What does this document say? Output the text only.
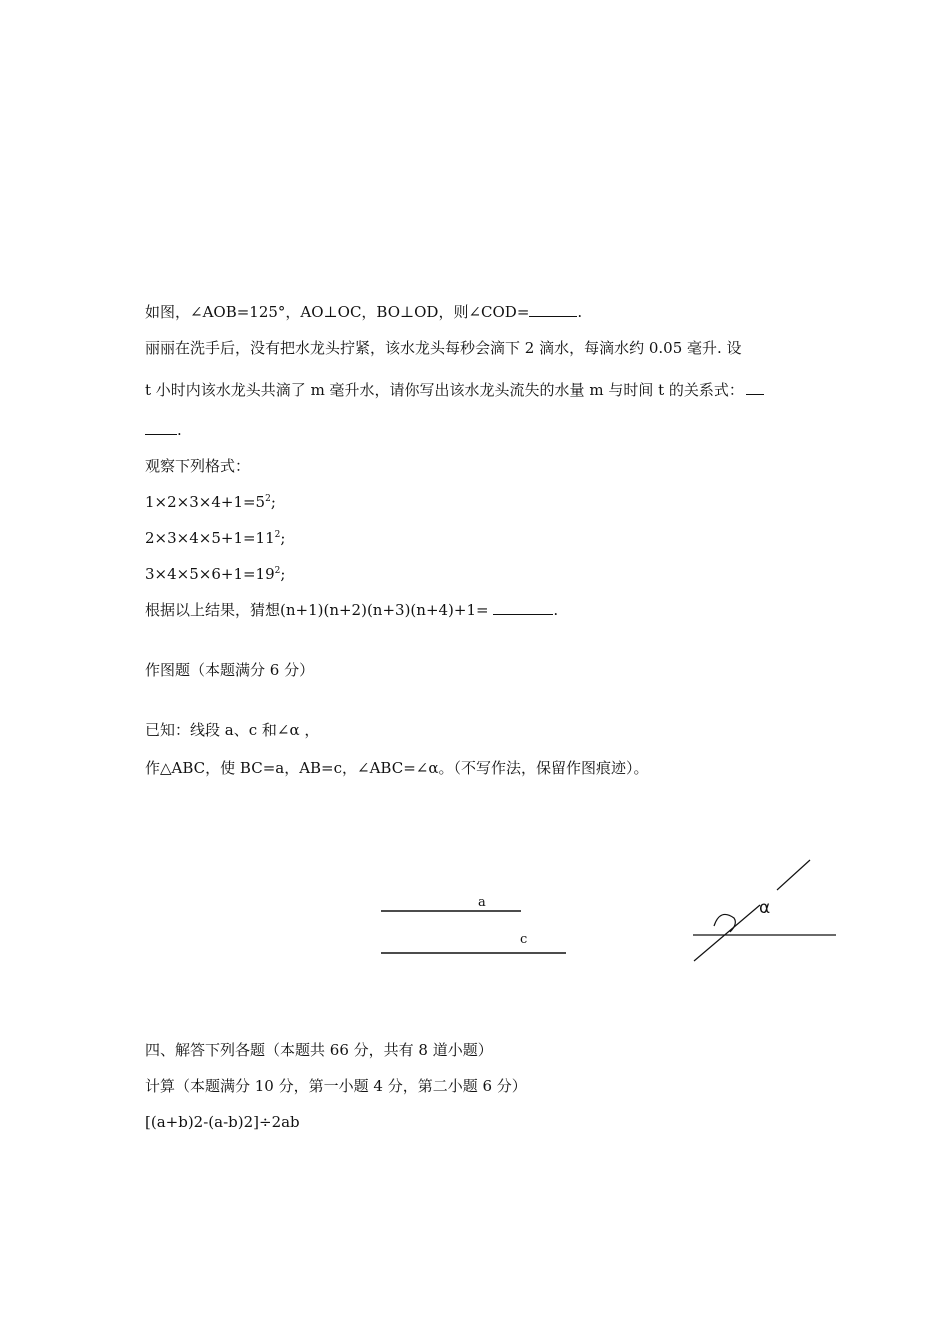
如图，∠AOB=125°，AO⊥OC，BO⊥OD，则∠COD=	.
丽丽在洗手后，没有把水龙头拧紧，该水龙头每秒会滴下 2 滴水，每滴水约 0.05 毫升. 设
t 小时内该水龙头共滴了 m 毫升水，请你写出该水龙头流失的水量 m 与时间 t 的关系式：
.
观察下列格式：
$1\times 2\times 3\times 4+1=5^2$;
$2\times 3\times 4\times 5+1=11^2$;
$3\times 4\times 5\times 6+1=19^2$;
根据以上结果，猜想(n+1)(n+2)(n+3)(n+4)+1=	.
作图题（本题满分 6 分）
已知：线段 a、c 和∠α ，
作△ABC，使 BC=a，AB=c，∠ABC=∠α。（不写作法，保留作图痕迹）。
a
c
α
四、解答下列各题（本题共 66 分，共有 8 道小题）
计算（本题满分 10 分，第一小题 4 分，第二小题 6 分）
[(a+b)2-(a-b)2]÷2ab
